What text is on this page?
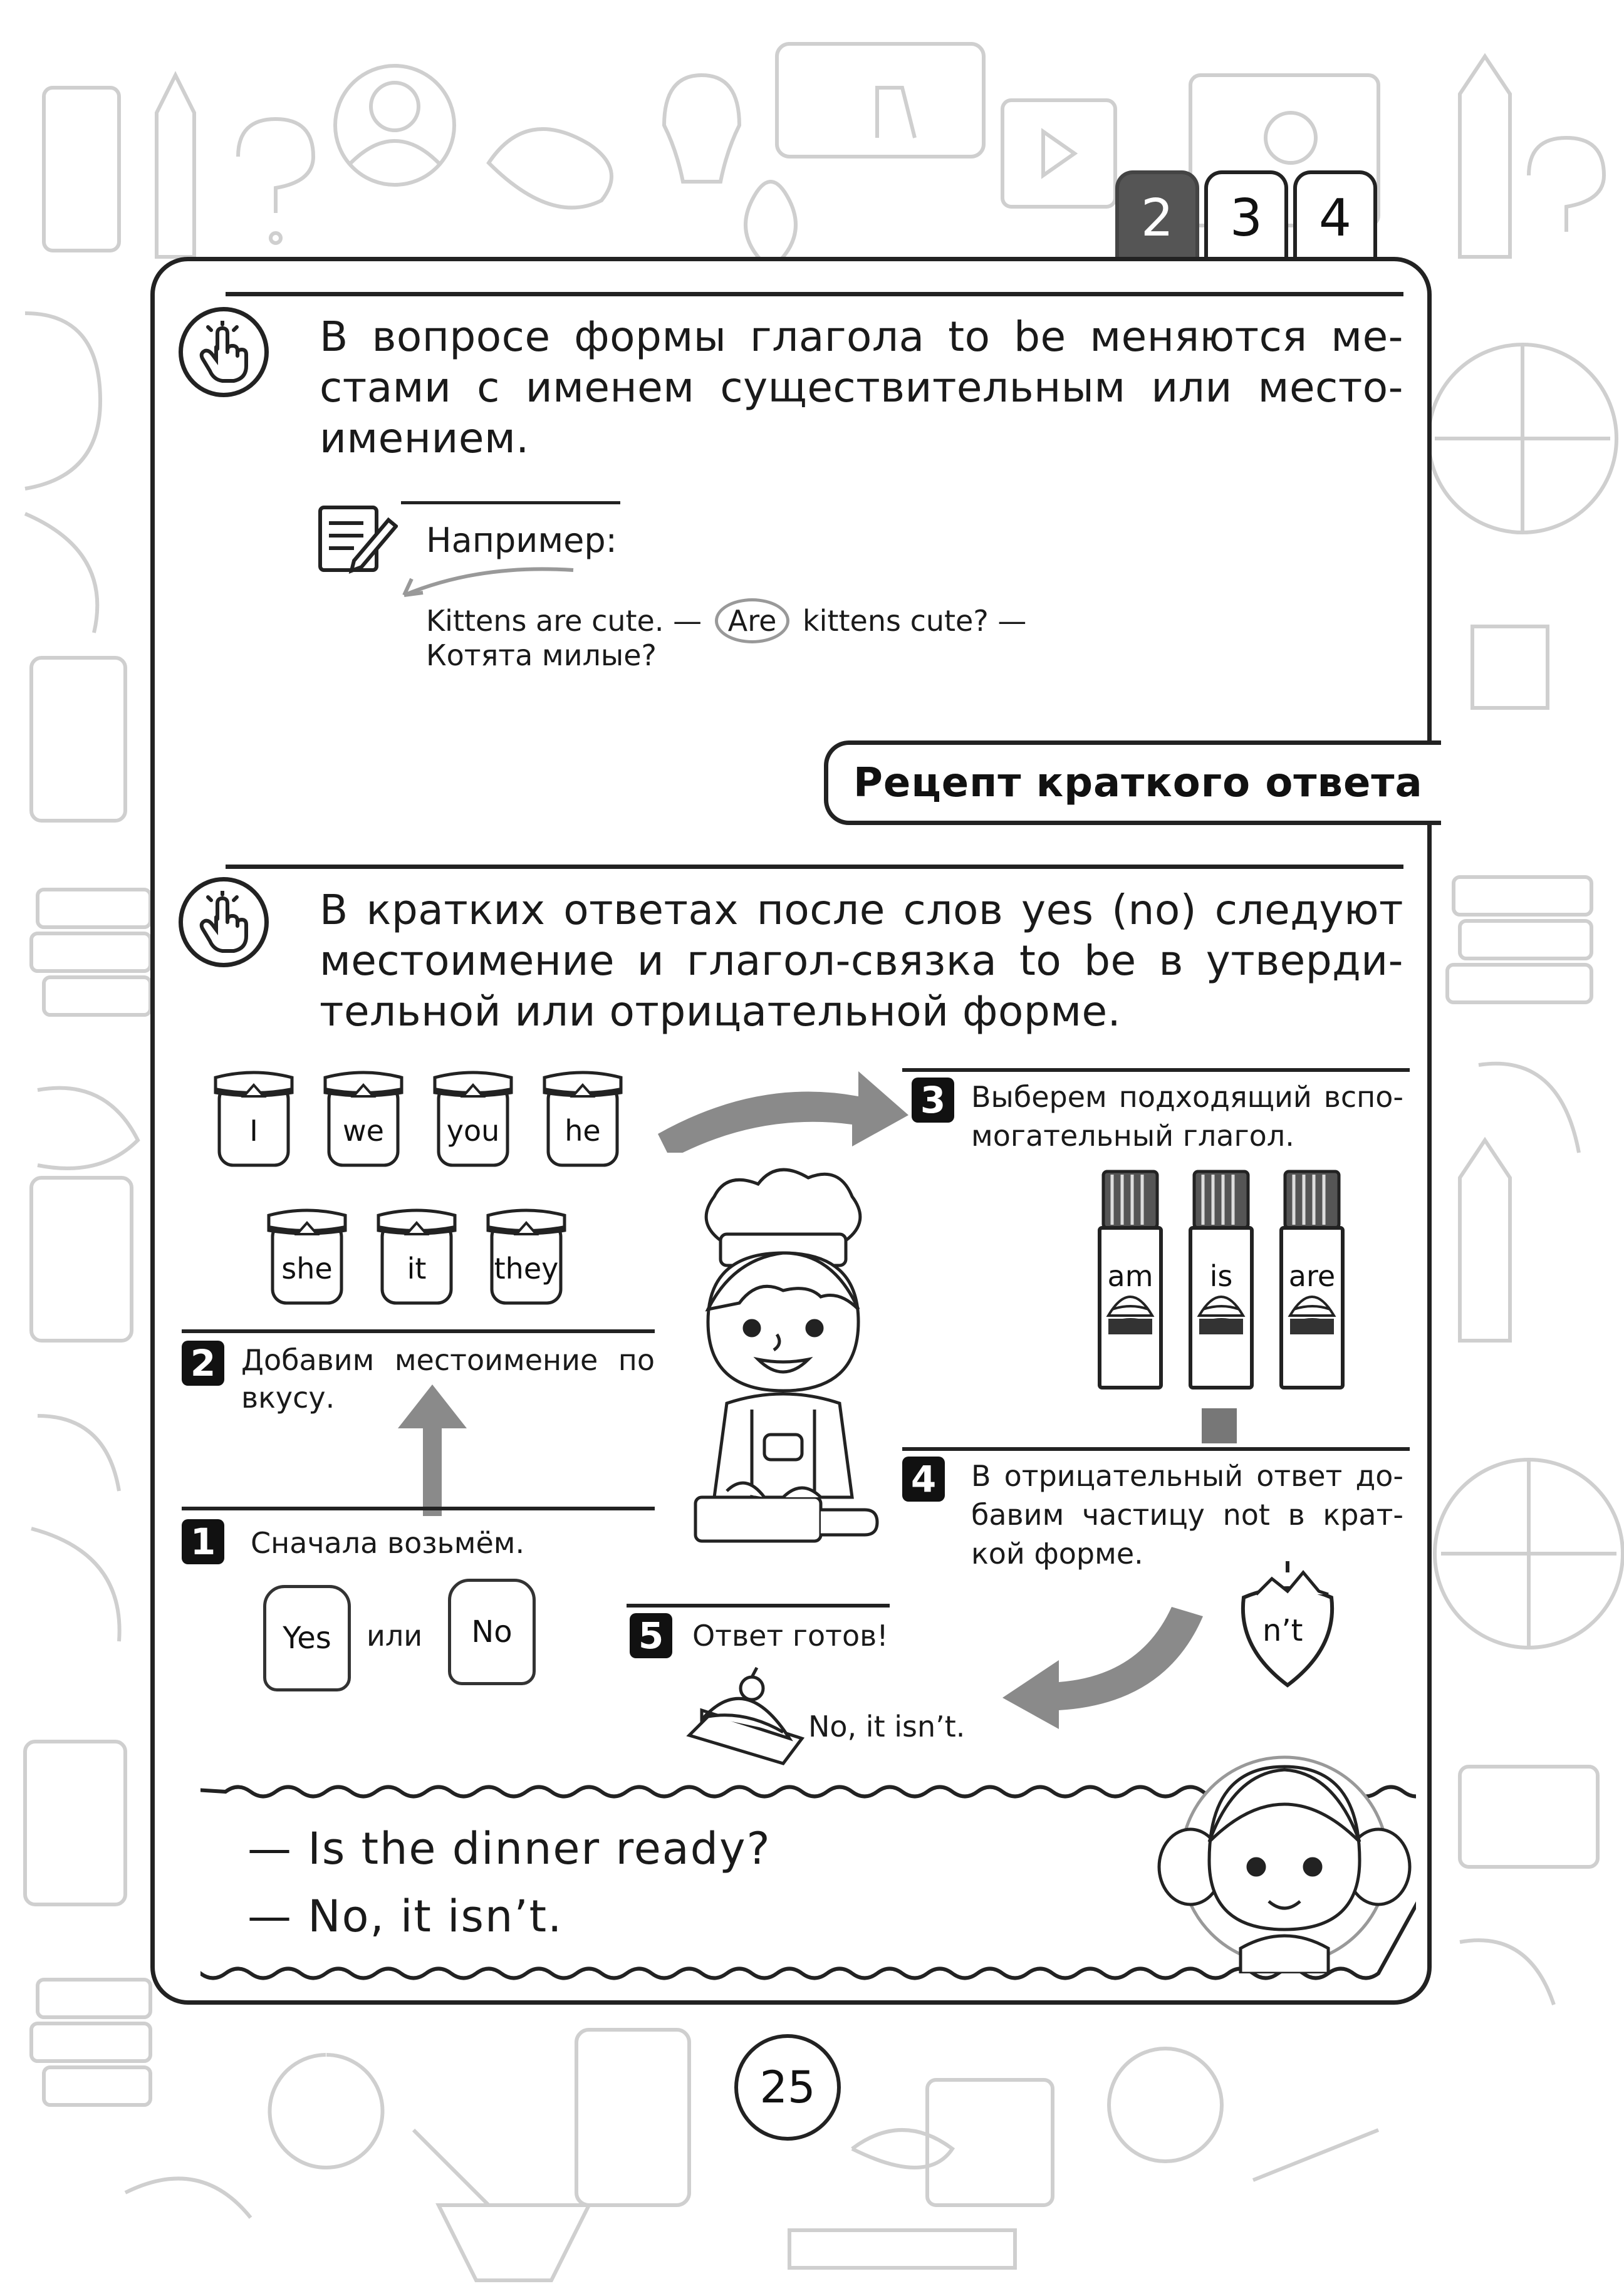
2	3	4
В вопросе формы глагола to be меняются ме-
стами с именем существительным или место-
имением.
Например:
Kittens are cute. — Are kittens cute? —
Котята милые?
Рецепт краткого ответа
В кратких ответах после слов yes (no) следуют
местоимение и глагол-связка to be в утверди-
тельной или отрицательной форме.
I	we	you	he
she	it	they
2 Добавим местоимение по
вкусу.
1	Сначала возьмём.
Yes	или	No
3 Выберем подходящий вспо-
могательный глагол.
am	is	are
4	В отрицательный ответ до-
бавим частицу not в крат-
кой форме.
n’t
5 Ответ готов!
No, it isn’t.
— Is the dinner ready?
— No, it isn’t.
25
